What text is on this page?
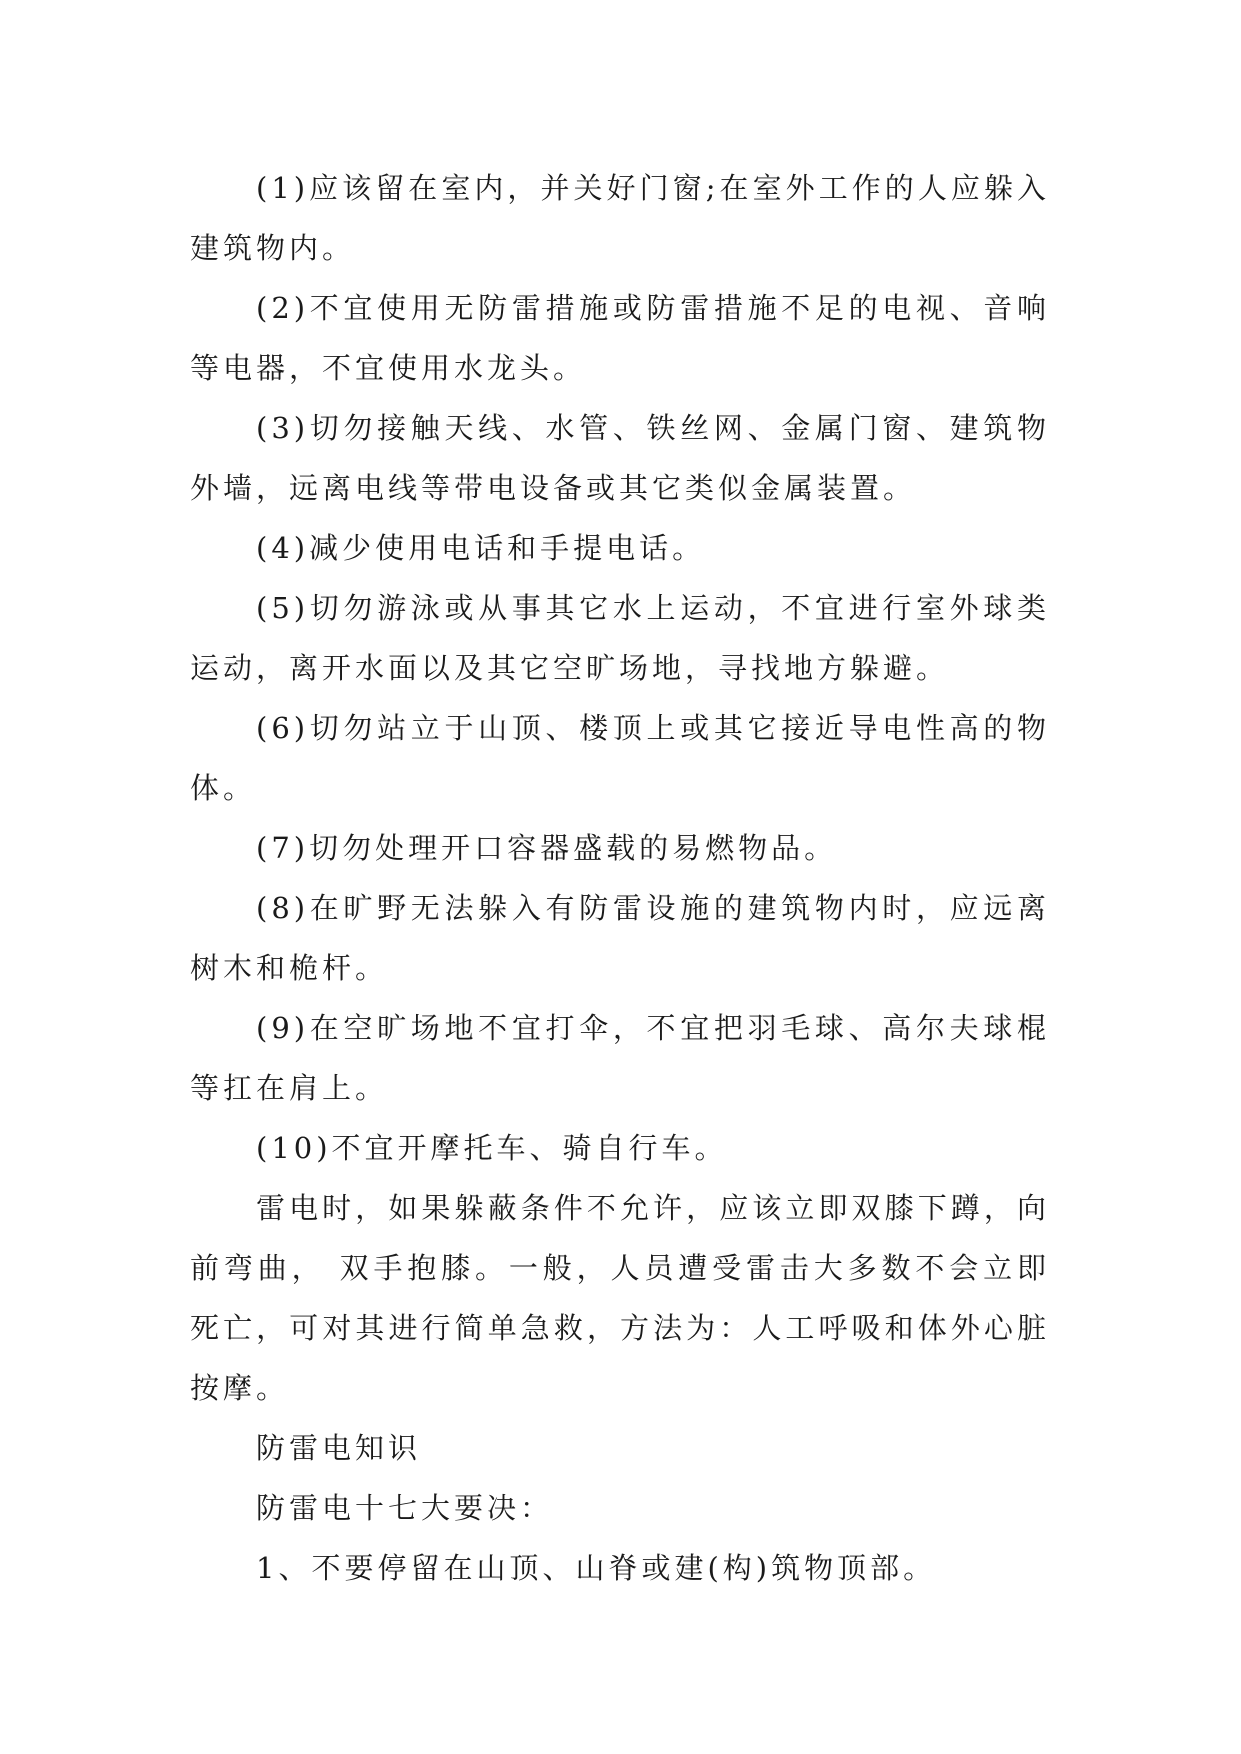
(1)应该留在室内，并关好门窗;在室外工作的人应躲入建筑物内。

(2)不宜使用无防雷措施或防雷措施不足的电视、音响等电器，不宜使用水龙头。

(3)切勿接触天线、水管、铁丝网、金属门窗、建筑物外墙，远离电线等带电设备或其它类似金属装置。

(4)减少使用电话和手提电话。

(5)切勿游泳或从事其它水上运动，不宜进行室外球类运动，离开水面以及其它空旷场地，寻找地方躲避。

(6)切勿站立于山顶、楼顶上或其它接近导电性高的物体。

(7)切勿处理开口容器盛载的易燃物品。

(8)在旷野无法躲入有防雷设施的建筑物内时，应远离树木和桅杆。

(9)在空旷场地不宜打伞，不宜把羽毛球、高尔夫球棍等扛在肩上。

(10)不宜开摩托车、骑自行车。

雷电时，如果躲蔽条件不允许，应该立即双膝下蹲，向前弯曲， 双手抱膝。一般，人员遭受雷击大多数不会立即死亡，可对其进行简单急救，方法为：人工呼吸和体外心脏按摩。

防雷电知识

防雷电十七大要决：

1、不要停留在山顶、山脊或建(构)筑物顶部。
